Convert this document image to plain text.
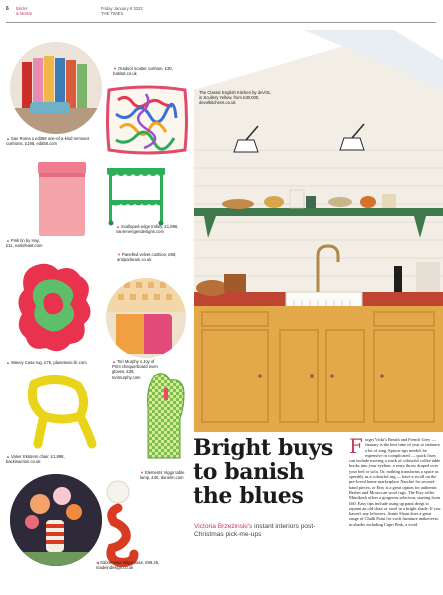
6 Bricks
& Mortar
Friday January 6 2023
THE TIMES
▲Sae Roma x edit58 one-of-a-kind remnant cushions, £195, edit58.com
▼Outdoor scatter cushion, £30, habitat.co.uk
▲Pink tin by Hay, £11, earlofeast.com
▲Scalloped-edge trolley, £1,898, vanrenengendesigns.com
▼Panelled velvet cushion, £69, antipodream.co.uk
▲Wavey Casa rug, £75, planetwoo.llc.com	▲Tori Murphy x Joy of Print chequerboard oven gloves, £38, torimurphy.com
▲Varier Ekstrem chair, £1,898, backinaction.co.uk
▼Elements Viggo table lamp, £40, dunelm.com
◀Sobremesa stripe vase, £99.26, madeindesign.co.uk
The Classic English Kitchen by deVOL in Scullery Yellow, from £30,000, devolkitchens.co.uk
Bright buys
to banish
the blues
Victoria Brzezinski's instant interiors post-Christmas pick-me-ups
Forget Vicki's Breath and French Grey — January is the best time of year to embrace a lot of zing. Spruce-ups needn't be expensive or complicated — quick fixes can include moving a stack of colourful coffee table books into your eyeline; a zesty throw draped over your bed or sofa. Or, nothing transforms a space as speedily as a colourful rug — have a scroll on the pre-loved home marketplace Narchie for second-hand pieces, or Etsy is a great option for authentic Berber and Moroccan wool rugs. The Etsy seller Mimikesh offers a gorgeous selection, starting from £60. Easy tips include using up paint dregs to repaint an old chair or stool in a bright shade. If you haven't any leftovers, Annie Sloan does a great range of Chalk Paint for swift furniture makeovers, in shades including Capri Pink, a vivid
